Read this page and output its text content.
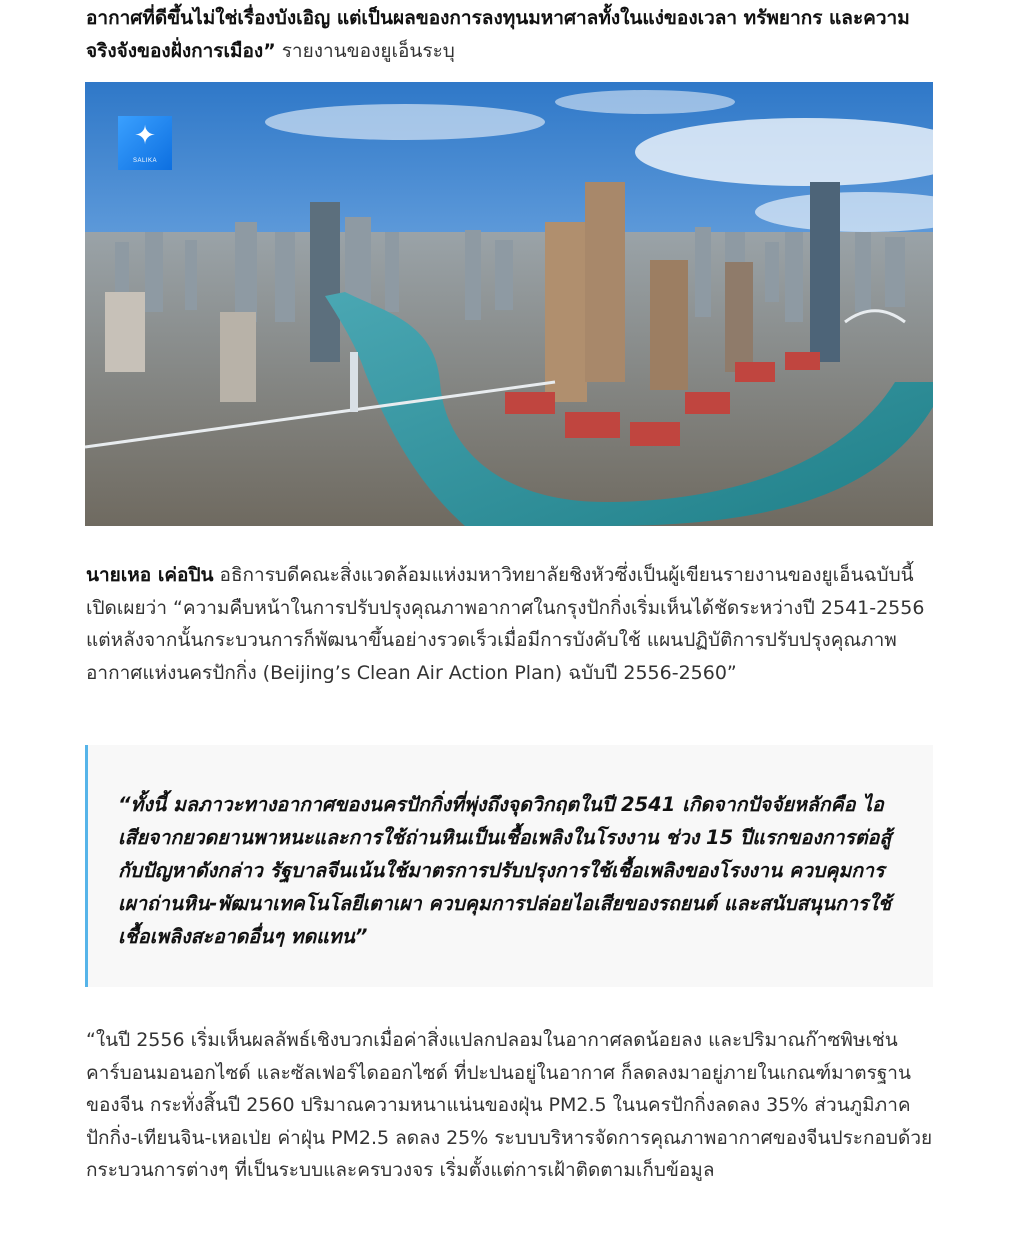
อากาศที่ดีขึ้นไม่ใช่เรื่องบังเอิญ แต่เป็นผลของการลงทุนมหาศาลทั้งในแง่ของเวลา ทรัพยากร และความจริงจังของฝั่งการเมือง” รายงานของยูเอ็นระบุ

✦
SALIKA

นายเหอ เค่อปิน อธิการบดีคณะสิ่งแวดล้อมแห่งมหาวิทยาลัยชิงหัวซึ่งเป็นผู้เขียนรายงานของยูเอ็นฉบับนี้เปิดเผยว่า “ความคืบหน้าในการปรับปรุงคุณภาพอากาศในกรุงปักกิ่งเริ่มเห็นได้ชัดระหว่างปี 2541-2556 แต่หลังจากนั้นกระบวนการก็พัฒนาขึ้นอย่างรวดเร็วเมื่อมีการบังคับใช้ แผนปฏิบัติการปรับปรุงคุณภาพอากาศแห่งนครปักกิ่ง (Beijing’s Clean Air Action Plan) ฉบับปี 2556-2560”

“ทั้งนี้ มลภาวะทางอากาศของนครปักกิ่งที่พุ่งถึงจุดวิกฤตในปี 2541 เกิดจากปัจจัยหลักคือ ไอเสียจากยวดยานพาหนะและการใช้ถ่านหินเป็นเชื้อเพลิงในโรงงาน ช่วง 15 ปีแรกของการต่อสู้กับปัญหาดังกล่าว รัฐบาลจีนเน้นใช้มาตรการปรับปรุงการใช้เชื้อเพลิงของโรงงาน ควบคุมการเผาถ่านหิน-พัฒนาเทคโนโลยีเตาเผา ควบคุมการปล่อยไอเสียของรถยนต์ และสนับสนุนการใช้เชื้อเพลิงสะอาดอื่นๆ ทดแทน”

“ในปี 2556 เริ่มเห็นผลลัพธ์เชิงบวกเมื่อค่าสิ่งแปลกปลอมในอากาศลดน้อยลง และปริมาณก๊าซพิษเช่นคาร์บอนมอนอกไซด์ และซัลเฟอร์ไดออกไซด์ ที่ปะปนอยู่ในอากาศ ก็ลดลงมาอยู่ภายในเกณฑ์มาตรฐานของจีน กระทั่งสิ้นปี 2560 ปริมาณความหนาแน่นของฝุ่น PM2.5 ในนครปักกิ่งลดลง 35% ส่วนภูมิภาคปักกิ่ง-เทียนจิน-เหอเป่ย ค่าฝุ่น PM2.5 ลดลง 25% ระบบบริหารจัดการคุณภาพอากาศของจีนประกอบด้วยกระบวนการต่างๆ ที่เป็นระบบและครบวงจร เริ่มตั้งแต่การเฝ้าติดตามเก็บข้อมูล
